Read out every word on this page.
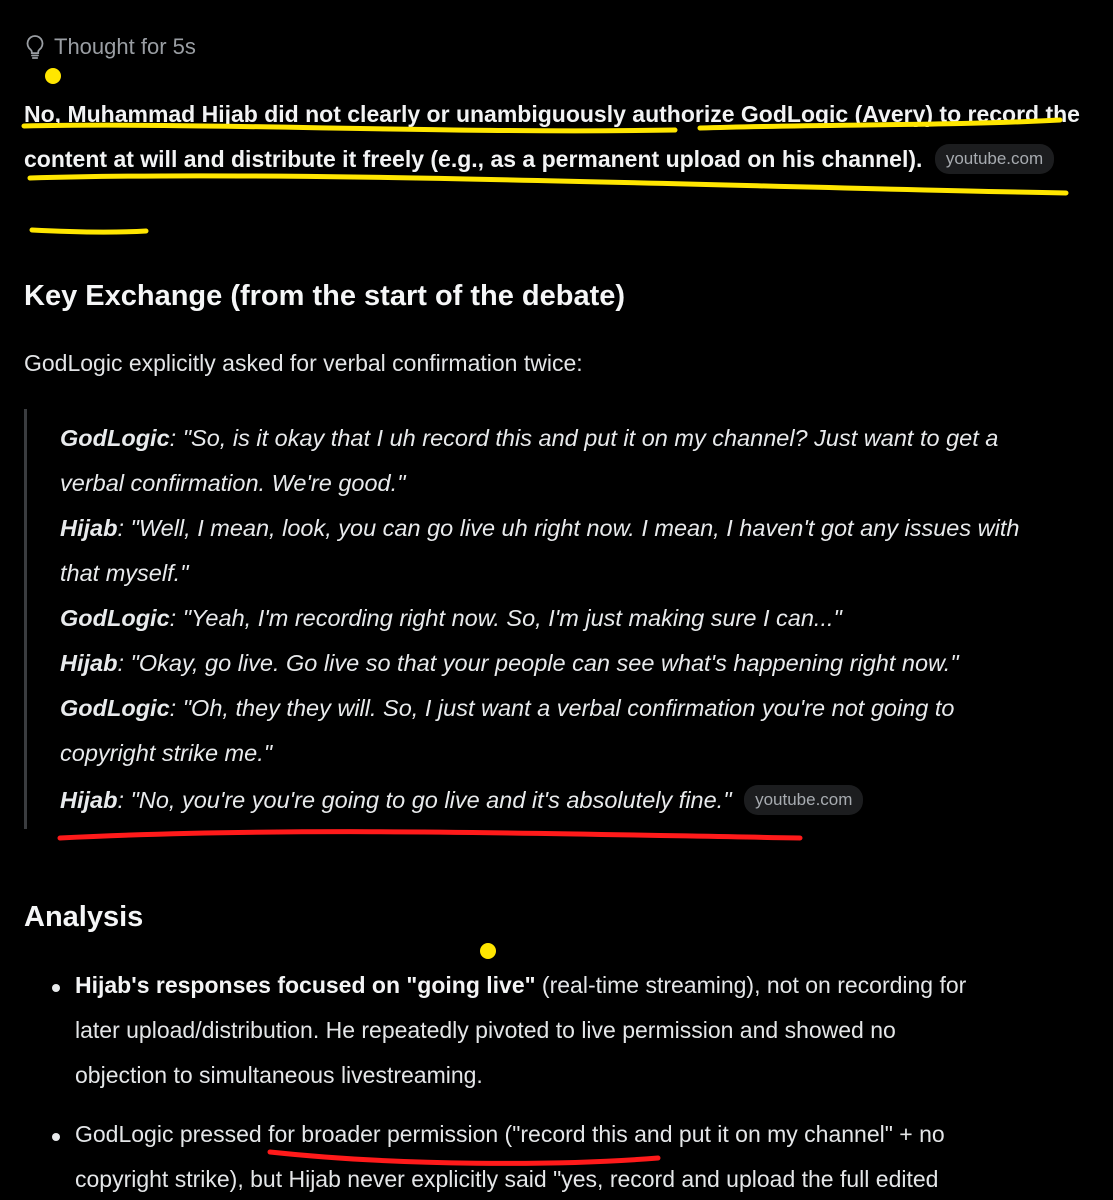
Thought for 5s
No, Muhammad Hijab did not clearly or unambiguously authorize GodLogic (Avery) to record the content at will and distribute it freely (e.g., as a permanent upload on his channel). youtube.com
Key Exchange (from the start of the debate)
GodLogic explicitly asked for verbal confirmation twice:
GodLogic: "So, is it okay that I uh record this and put it on my channel? Just want to get a
verbal confirmation. We're good."
Hijab: "Well, I mean, look, you can go live uh right now. I mean, I haven't got any issues with
that myself."
GodLogic: "Yeah, I'm recording right now. So, I'm just making sure I can..."
Hijab: "Okay, go live. Go live so that your people can see what's happening right now."
GodLogic: "Oh, they they will. So, I just want a verbal confirmation you're not going to
copyright strike me."
Hijab: "No, you're you're going to go live and it's absolutely fine." youtube.com
Analysis
Hijab's responses focused on "going live" (real-time streaming), not on recording for
later upload/distribution. He repeatedly pivoted to live permission and showed no
objection to simultaneous livestreaming.
GodLogic pressed for broader permission ("record this and put it on my channel" + no
copyright strike), but Hijab never explicitly said "yes, record and upload the full edited
